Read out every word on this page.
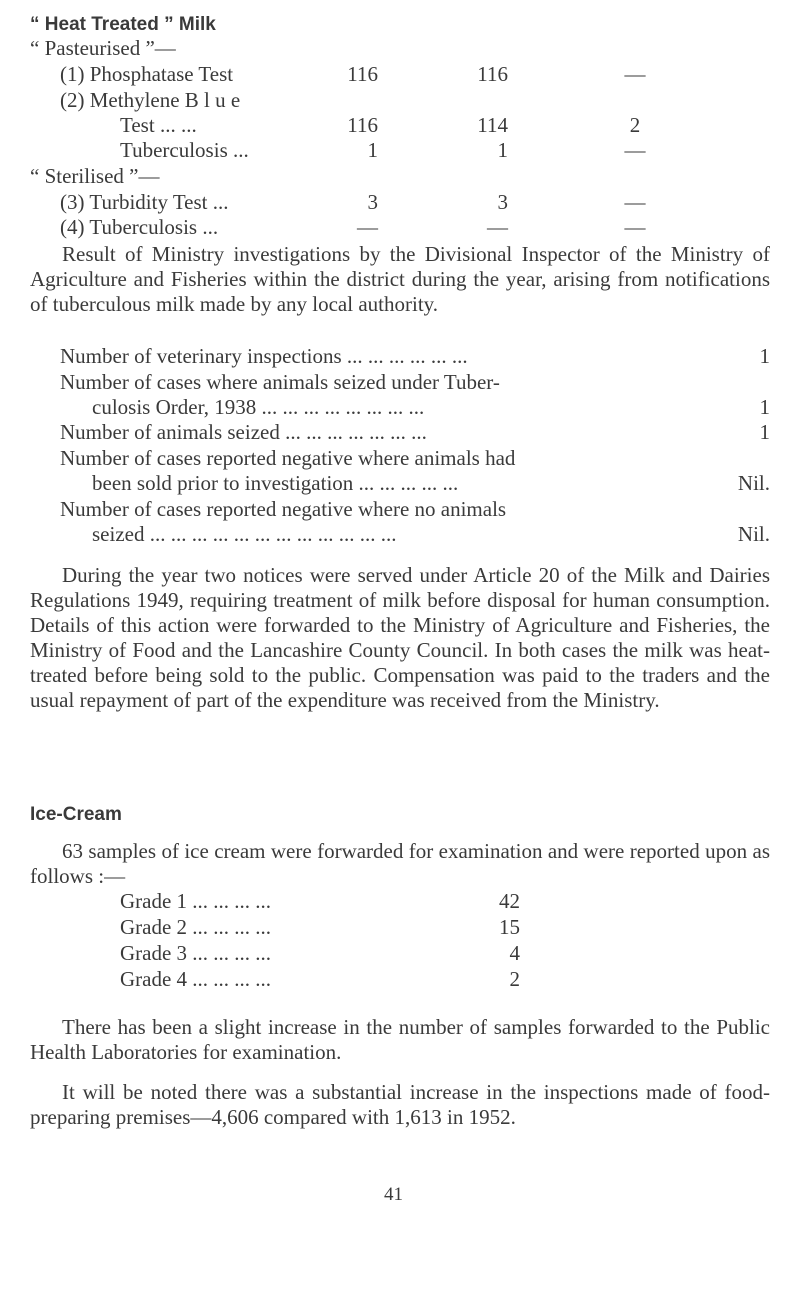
“ Heat Treated ” Milk
“ Pasteurised ”—
(1) Phosphatase Test	116	116	—
(2) Methylene B l u e
Test ... ...	116	114	2
Tuberculosis ...	1	1	—
“ Sterilised ”—
(3) Turbidity Test ...	3	3	—
(4) Tuberculosis ...	—	—	—
Result of Ministry investigations by the Divisional Inspector of the Ministry of Agriculture and Fisheries within the district during the year, arising from notifications of tuberculous milk made by any local authority.
Number of veterinary inspections ... ... ... ... ... ...	1
Number of cases where animals seized under Tuber-
culosis Order, 1938 ... ... ... ... ... ... ... ...	1
Number of animals seized ... ... ... ... ... ... ...	1
Number of cases reported negative where animals had
been sold prior to investigation ... ... ... ... ...	Nil.
Number of cases reported negative where no animals
seized ... ... ... ... ... ... ... ... ... ... ... ...	Nil.
During the year two notices were served under Article 20 of the Milk and Dairies Regulations 1949, requiring treatment of milk before disposal for human consumption. Details of this action were forwarded to the Ministry of Agriculture and Fisheries, the Ministry of Food and the Lancashire County Council. In both cases the milk was heat-treated before being sold to the public. Compensation was paid to the traders and the usual repayment of part of the expenditure was received from the Ministry.
Ice-Cream
63 samples of ice cream were forwarded for examination and were reported upon as follows :—
Grade 1 ... ... ... ...	42
Grade 2 ... ... ... ...	15
Grade 3 ... ... ... ...	4
Grade 4 ... ... ... ...	2
There has been a slight increase in the number of samples forwarded to the Public Health Laboratories for examination.
It will be noted there was a substantial increase in the inspections made of food-preparing premises—4,606 compared with 1,613 in 1952.
41
